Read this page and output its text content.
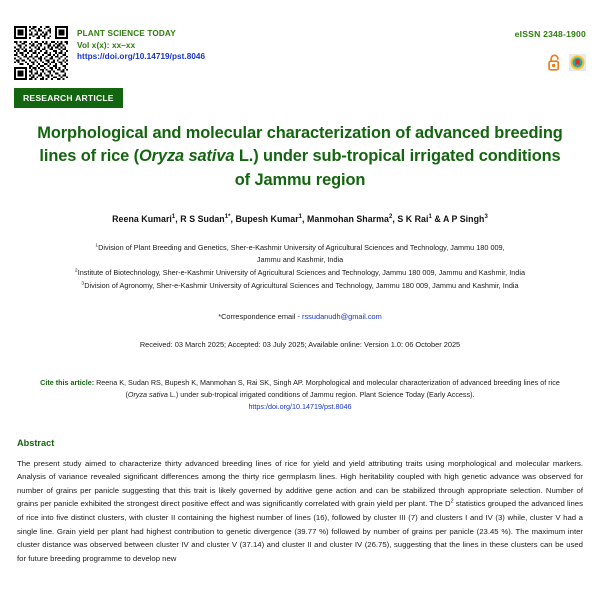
PLANT SCIENCE TODAY
Vol x(x): xx–xx
https://doi.org/10.14719/pst.8046
eISSN 2348-1900
RESEARCH ARTICLE
Morphological and molecular characterization of advanced breeding lines of rice (Oryza sativa L.) under sub-tropical irrigated conditions of Jammu region
Reena Kumari$^1$, R S Sudan$^{1*}$, Bupesh Kumar$^1$, Manmohan Sharma$^2$, S K Rai$^1$ & A P Singh$^3$
$^1$Division of Plant Breeding and Genetics, Sher-e-Kashmir University of Agricultural Sciences and Technology, Jammu 180 009,
Jammu and Kashmir, India
$^2$Institute of Biotechnology, Sher-e-Kashmir University of Agricultural Sciences and Technology, Jammu 180 009, Jammu and Kashmir, India
$^3$Division of Agronomy, Sher-e-Kashmir University of Agricultural Sciences and Technology, Jammu 180 009, Jammu and Kashmir, India
*Correspondence email - rssudanudh@gmail.com
Received: 03 March 2025; Accepted: 03 July 2025; Available online: Version 1.0: 06 October 2025
Cite this article: Reena K, Sudan RS, Bupesh K, Manmohan S, Rai SK, Singh AP. Morphological and molecular characterization of advanced breeding lines of rice (Oryza sativa L.) under sub-tropical irrigated conditions of Jammu region. Plant Science Today (Early Access).
https:/doi.org/10.14719/pst.8046
Abstract
The present study aimed to characterize thirty advanced breeding lines of rice for yield and yield attributing traits using morphological and molecular markers. Analysis of variance revealed significant differences among the thirty rice germplasm lines. High heritability coupled with high genetic advance was observed for number of grains per panicle suggesting that this trait is likely governed by additive gene action and can be stabilized through appropriate selection. Number of grains per panicle exhibited the strongest direct positive effect and was significantly correlated with grain yield per plant. The $D^2$ statistics grouped the advanced lines of rice into five distinct clusters, with cluster II containing the highest number of lines (16), followed by cluster III (7) and clusters I and IV (3) while, cluster V had a single line. Grain yield per plant had highest contribution to genetic divergence (39.77 %) followed by number of grains per panicle (23.45 %). The maximum inter cluster distance was observed between cluster IV and cluster V (37.14) and cluster II and cluster IV (26.75), suggesting that the lines in these clusters can be used for future breeding programme to develop new
